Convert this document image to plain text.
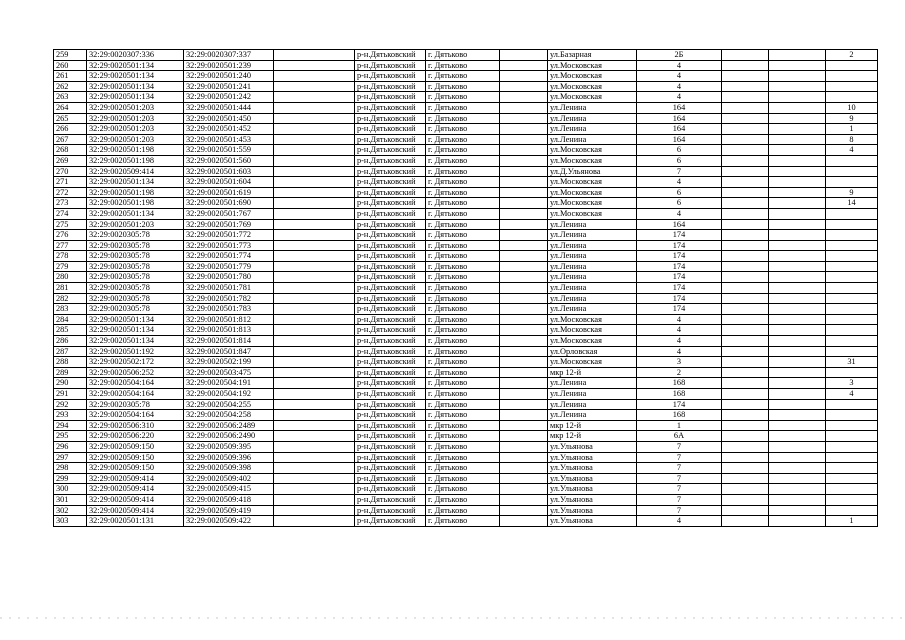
259	32:29:0020307:336	32:29:0020307:337		р-н.Дятьковский	г. Дятьково		ул.Базарная	2Б			2
260	32:29:0020501:134	32:29:0020501:239		р-н.Дятьковский	г. Дятьково		ул.Московская	4			
261	32:29:0020501:134	32:29:0020501:240		р-н.Дятьковский	г. Дятьково		ул.Московская	4			
262	32:29:0020501:134	32:29:0020501:241		р-н.Дятьковский	г. Дятьково		ул.Московская	4			
263	32:29:0020501:134	32:29:0020501:242		р-н.Дятьковский	г. Дятьково		ул.Московская	4			
264	32:29:0020501:203	32:29:0020501:444		р-н.Дятьковский	г. Дятьково		ул.Ленина	164			10
265	32:29:0020501:203	32:29:0020501:450		р-н.Дятьковский	г. Дятьково		ул.Ленина	164			9
266	32:29:0020501:203	32:29:0020501:452		р-н.Дятьковский	г. Дятьково		ул.Ленина	164			1
267	32:29:0020501:203	32:29:0020501:453		р-н.Дятьковский	г. Дятьково		ул.Ленина	164			8
268	32:29:0020501:198	32:29:0020501:559		р-н.Дятьковский	г. Дятьково		ул.Московская	6			4
269	32:29:0020501:198	32:29:0020501:560		р-н.Дятьковский	г. Дятьково		ул.Московская	6			
270	32:29:0020509:414	32:29:0020501:603		р-н.Дятьковский	г. Дятьково		ул.Д.Ульянова	7			
271	32:29:0020501:134	32:29:0020501:604		р-н.Дятьковский	г. Дятьково		ул.Московская	4			
272	32:29:0020501:198	32:29:0020501:619		р-н.Дятьковский	г. Дятьково		ул.Московская	6			9
273	32:29:0020501:198	32:29:0020501:690		р-н.Дятьковский	г. Дятьково		ул.Московская	6			14
274	32:29:0020501:134	32:29:0020501:767		р-н.Дятьковский	г. Дятьково		ул.Московская	4			
275	32:29:0020501:203	32:29:0020501:769		р-н.Дятьковский	г. Дятьково		ул.Ленина	164			
276	32:29:0020305:78	32:29:0020501:772		р-н.Дятьковский	г. Дятьково		ул.Ленина	174			
277	32:29:0020305:78	32:29:0020501:773		р-н.Дятьковский	г. Дятьково		ул.Ленина	174			
278	32:29:0020305:78	32:29:0020501:774		р-н.Дятьковский	г. Дятьково		ул.Ленина	174			
279	32:29:0020305:78	32:29:0020501:779		р-н.Дятьковский	г. Дятьково		ул.Ленина	174			
280	32:29:0020305:78	32:29:0020501:780		р-н.Дятьковский	г. Дятьково		ул.Ленина	174			
281	32:29:0020305:78	32:29:0020501:781		р-н.Дятьковский	г. Дятьково		ул.Ленина	174			
282	32:29:0020305:78	32:29:0020501:782		р-н.Дятьковский	г. Дятьково		ул.Ленина	174			
283	32:29:0020305:78	32:29:0020501:783		р-н.Дятьковский	г. Дятьково		ул.Ленина	174			
284	32:29:0020501:134	32:29:0020501:812		р-н.Дятьковский	г. Дятьково		ул.Московская	4			
285	32:29:0020501:134	32:29:0020501:813		р-н.Дятьковский	г. Дятьково		ул.Московская	4			
286	32:29:0020501:134	32:29:0020501:814		р-н.Дятьковский	г. Дятьково		ул.Московская	4			
287	32:29:0020501:192	32:29:0020501:847		р-н.Дятьковский	г. Дятьково		ул.Орловская	4			
288	32:29:0020502:172	32:29:0020502:199		р-н.Дятьковский	г. Дятьково		ул.Московская	3			31
289	32:29:0020506:252	32:29:0020503:475		р-н.Дятьковский	г. Дятьково		мкр 12-й	2			
290	32:29:0020504:164	32:29:0020504:191		р-н.Дятьковский	г. Дятьково		ул.Ленина	168			3
291	32:29:0020504:164	32:29:0020504:192		р-н.Дятьковский	г. Дятьково		ул.Ленина	168			4
292	32:29:0020305:78	32:29:0020504:255		р-н.Дятьковский	г. Дятьково		ул.Ленина	174			
293	32:29:0020504:164	32:29:0020504:258		р-н.Дятьковский	г. Дятьково		ул.Ленина	168			
294	32:29:0020506:310	32:29:0020506:2489		р-н.Дятьковский	г. Дятьково		мкр 12-й	1			
295	32:29:0020506:220	32:29:0020506:2490		р-н.Дятьковский	г. Дятьково		мкр 12-й	6А			
296	32:29:0020509:150	32:29:0020509:395		р-н.Дятьковский	г. Дятьково		ул.Ульянова	7			
297	32:29:0020509:150	32:29:0020509:396		р-н.Дятьковский	г. Дятьково		ул.Ульянова	7			
298	32:29:0020509:150	32:29:0020509:398		р-н.Дятьковский	г. Дятьково		ул.Ульянова	7			
299	32:29:0020509:414	32:29:0020509:402		р-н.Дятьковский	г. Дятьково		ул.Ульянова	7			
300	32:29:0020509:414	32:29:0020509:415		р-н.Дятьковский	г. Дятьково		ул.Ульянова	7			
301	32:29:0020509:414	32:29:0020509:418		р-н.Дятьковский	г. Дятьково		ул.Ульянова	7			
302	32:29:0020509:414	32:29:0020509:419		р-н.Дятьковский	г. Дятьково		ул.Ульянова	7			
303	32:29:0020501:131	32:29:0020509:422		р-н.Дятьковский	г. Дятьково		ул.Ульянова	4			1
